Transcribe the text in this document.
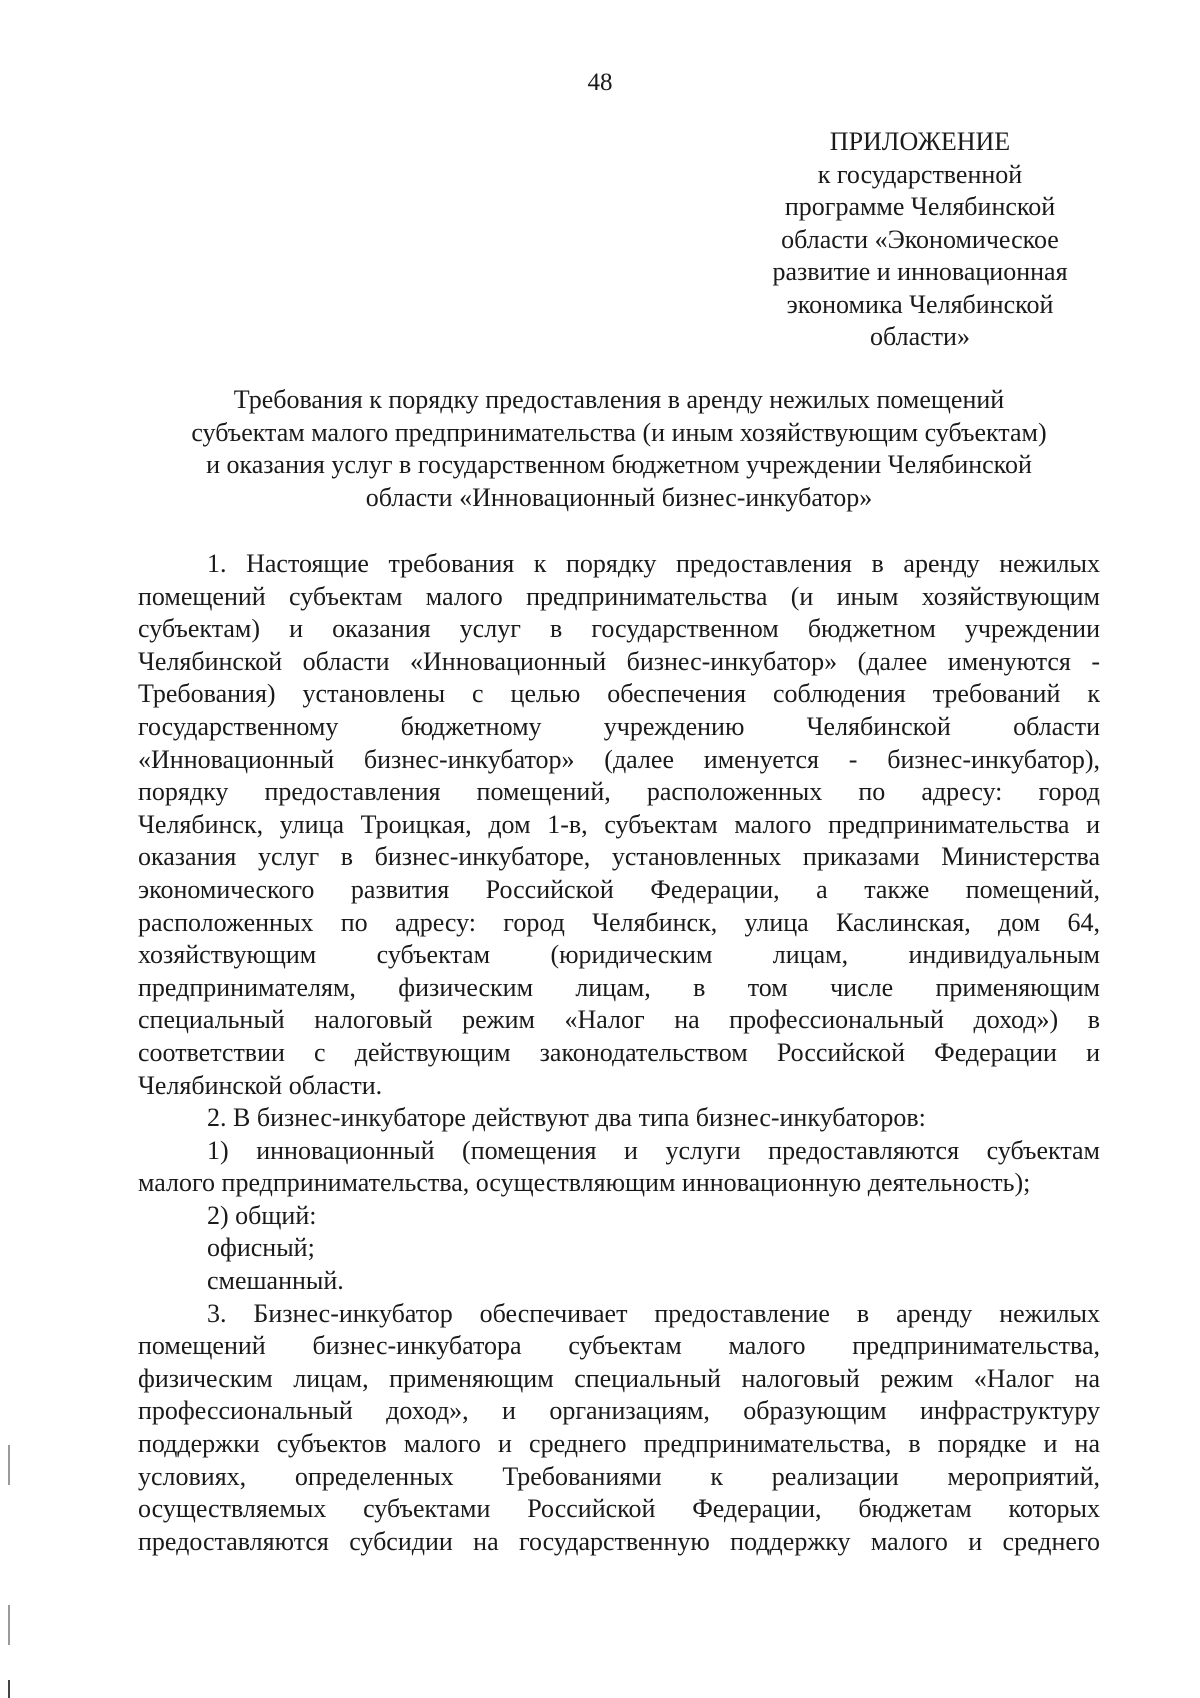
48
ПРИЛОЖЕНИЕ
к государственной
программе Челябинской
области «Экономическое
развитие и инновационная
экономика Челябинской
области»
Требования к порядку предоставления в аренду нежилых помещений
субъектам малого предпринимательства (и иным хозяйствующим субъектам)
и оказания услуг в государственном бюджетном учреждении Челябинской
области «Инновационный бизнес-инкубатор»
1. Настоящие требования к порядку предоставления в аренду нежилых
помещений субъектам малого предпринимательства (и иным хозяйствующим
субъектам) и оказания услуг в государственном бюджетном учреждении
Челябинской области «Инновационный бизнес-инкубатор» (далее именуются -
Требования) установлены с целью обеспечения соблюдения требований к
государственному бюджетному учреждению Челябинской области
«Инновационный бизнес-инкубатор» (далее именуется - бизнес-инкубатор),
порядку предоставления помещений, расположенных по адресу: город
Челябинск, улица Троицкая, дом 1-в, субъектам малого предпринимательства и
оказания услуг в бизнес-инкубаторе, установленных приказами Министерства
экономического развития Российской Федерации, а также помещений,
расположенных по адресу: город Челябинск, улица Каслинская, дом 64,
хозяйствующим субъектам (юридическим лицам, индивидуальным
предпринимателям, физическим лицам, в том числе применяющим
специальный налоговый режим «Налог на профессиональный доход») в
соответствии с действующим законодательством Российской Федерации и
Челябинской области.
2. В бизнес-инкубаторе действуют два типа бизнес-инкубаторов:
1) инновационный (помещения и услуги предоставляются субъектам
малого предпринимательства, осуществляющим инновационную деятельность);
2) общий:
офисный;
смешанный.
3. Бизнес-инкубатор обеспечивает предоставление в аренду нежилых
помещений бизнес-инкубатора субъектам малого предпринимательства,
физическим лицам, применяющим специальный налоговый режим «Налог на
профессиональный доход», и организациям, образующим инфраструктуру
поддержки субъектов малого и среднего предпринимательства, в порядке и на
условиях, определенных Требованиями к реализации мероприятий,
осуществляемых субъектами Российской Федерации, бюджетам которых
предоставляются субсидии на государственную поддержку малого и среднего
